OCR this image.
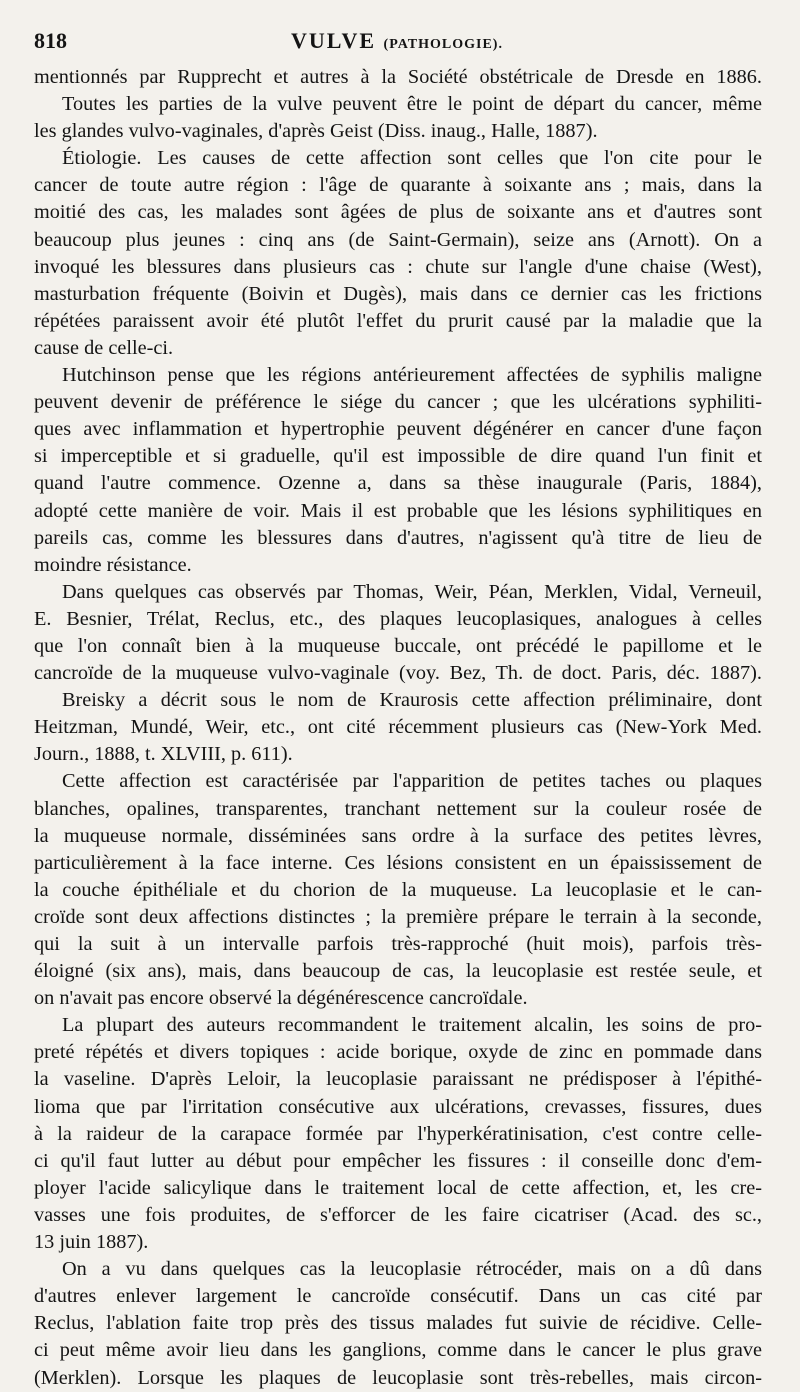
818	VULVE (PATHOLOGIE).
mentionnés par Rupprecht et autres à la Société obstétricale de Dresde en 1886.
Toutes les parties de la vulve peuvent être le point de départ du cancer, même
les glandes vulvo-vaginales, d'après Geist (Diss. inaug., Halle, 1887).
Étiologie. Les causes de cette affection sont celles que l'on cite pour le
cancer de toute autre région : l'âge de quarante à soixante ans ; mais, dans la
moitié des cas, les malades sont âgées de plus de soixante ans et d'autres sont
beaucoup plus jeunes : cinq ans (de Saint-Germain), seize ans (Arnott). On a
invoqué les blessures dans plusieurs cas : chute sur l'angle d'une chaise (West),
masturbation fréquente (Boivin et Dugès), mais dans ce dernier cas les frictions
répétées paraissent avoir été plutôt l'effet du prurit causé par la maladie que la
cause de celle-ci.
Hutchinson pense que les régions antérieurement affectées de syphilis maligne
peuvent devenir de préférence le siége du cancer ; que les ulcérations syphiliti-
ques avec inflammation et hypertrophie peuvent dégénérer en cancer d'une façon
si imperceptible et si graduelle, qu'il est impossible de dire quand l'un finit et
quand l'autre commence. Ozenne a, dans sa thèse inaugurale (Paris, 1884),
adopté cette manière de voir. Mais il est probable que les lésions syphilitiques en
pareils cas, comme les blessures dans d'autres, n'agissent qu'à titre de lieu de
moindre résistance.
Dans quelques cas observés par Thomas, Weir, Péan, Merklen, Vidal, Verneuil,
E. Besnier, Trélat, Reclus, etc., des plaques leucoplasiques, analogues à celles
que l'on connaît bien à la muqueuse buccale, ont précédé le papillome et le
cancroïde de la muqueuse vulvo-vaginale (voy. Bez, Th. de doct. Paris, déc. 1887).
Breisky a décrit sous le nom de Kraurosis cette affection préliminaire, dont
Heitzman, Mundé, Weir, etc., ont cité récemment plusieurs cas (New-York Med.
Journ., 1888, t. XLVIII, p. 611).
Cette affection est caractérisée par l'apparition de petites taches ou plaques
blanches, opalines, transparentes, tranchant nettement sur la couleur rosée de
la muqueuse normale, disséminées sans ordre à la surface des petites lèvres,
particulièrement à la face interne. Ces lésions consistent en un épaississement de
la couche épithéliale et du chorion de la muqueuse. La leucoplasie et le can-
croïde sont deux affections distinctes ; la première prépare le terrain à la seconde,
qui la suit à un intervalle parfois très-rapproché (huit mois), parfois très-
éloigné (six ans), mais, dans beaucoup de cas, la leucoplasie est restée seule, et
on n'avait pas encore observé la dégénérescence cancroïdale.
La plupart des auteurs recommandent le traitement alcalin, les soins de pro-
preté répétés et divers topiques : acide borique, oxyde de zinc en pommade dans
la vaseline. D'après Leloir, la leucoplasie paraissant ne prédisposer à l'épithé-
lioma que par l'irritation consécutive aux ulcérations, crevasses, fissures, dues
à la raideur de la carapace formée par l'hyperkératinisation, c'est contre celle-
ci qu'il faut lutter au début pour empêcher les fissures : il conseille donc d'em-
ployer l'acide salicylique dans le traitement local de cette affection, et, les cre-
vasses une fois produites, de s'efforcer de les faire cicatriser (Acad. des sc.,
13 juin 1887).
On a vu dans quelques cas la leucoplasie rétrocéder, mais on a dû dans
d'autres enlever largement le cancroïde consécutif. Dans un cas cité par
Reclus, l'ablation faite trop près des tissus malades fut suivie de récidive. Celle-
ci peut même avoir lieu dans les ganglions, comme dans le cancer le plus grave
(Merklen). Lorsque les plaques de leucoplasie sont très-rebelles, mais circon-
